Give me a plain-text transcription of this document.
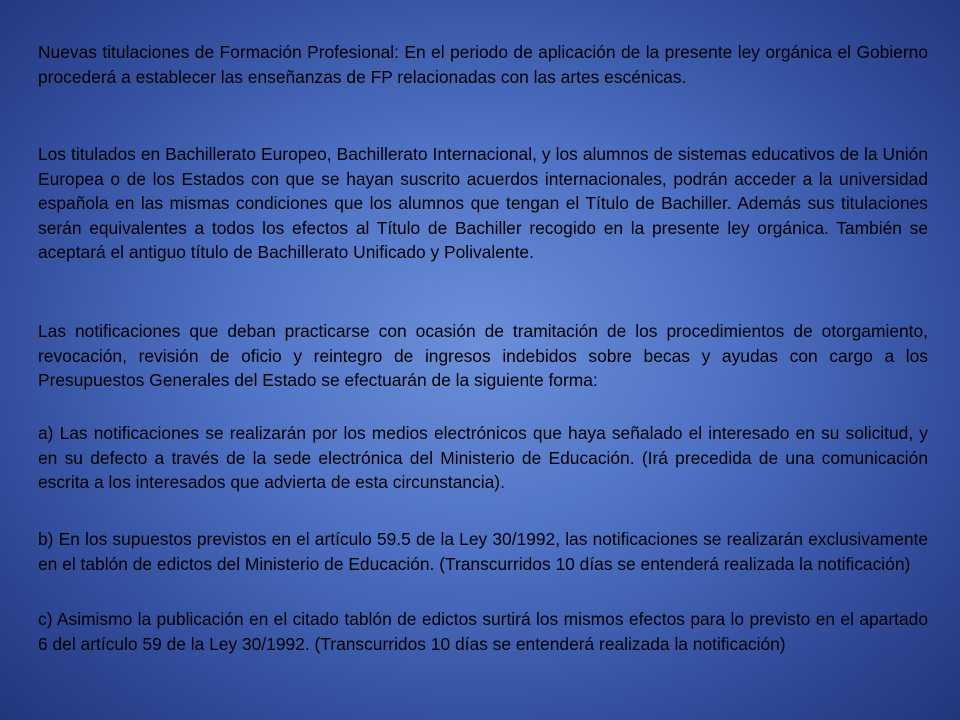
Nuevas titulaciones de Formación Profesional: En el periodo de aplicación de la presente ley orgánica el Gobierno procederá a establecer las enseñanzas de FP relacionadas con las artes escénicas.

Los titulados en Bachillerato Europeo, Bachillerato Internacional, y los alumnos de sistemas educativos de la Unión Europea o de los Estados con que se hayan suscrito acuerdos internacionales, podrán acceder a la universidad española en las mismas condiciones que los alumnos que tengan el Título de Bachiller. Además sus titulaciones serán equivalentes a todos los efectos al Título de Bachiller recogido en la presente ley orgánica. También se aceptará el antiguo título de Bachillerato Unificado y Polivalente.

Las notificaciones que deban practicarse con ocasión de tramitación de los procedimientos de otorgamiento, revocación, revisión de oficio y reintegro de ingresos indebidos sobre becas y ayudas con cargo a los Presupuestos Generales del Estado se efectuarán de la siguiente forma:

a) Las notificaciones se realizarán por los medios electrónicos que haya señalado el interesado en su solicitud, y en su defecto a través de la sede electrónica del Ministerio de Educación. (Irá precedida de una comunicación escrita a los interesados que advierta de esta circunstancia).

b) En los supuestos previstos en el artículo 59.5 de la Ley 30/1992, las notificaciones se realizarán exclusivamente en el tablón de edictos del Ministerio de Educación. (Transcurridos 10 días se entenderá realizada la notificación)

c) Asimismo la publicación en el citado tablón de edictos surtirá los mismos efectos para lo previsto en el apartado 6 del artículo 59 de la Ley 30/1992. (Transcurridos 10 días se entenderá realizada la notificación)
